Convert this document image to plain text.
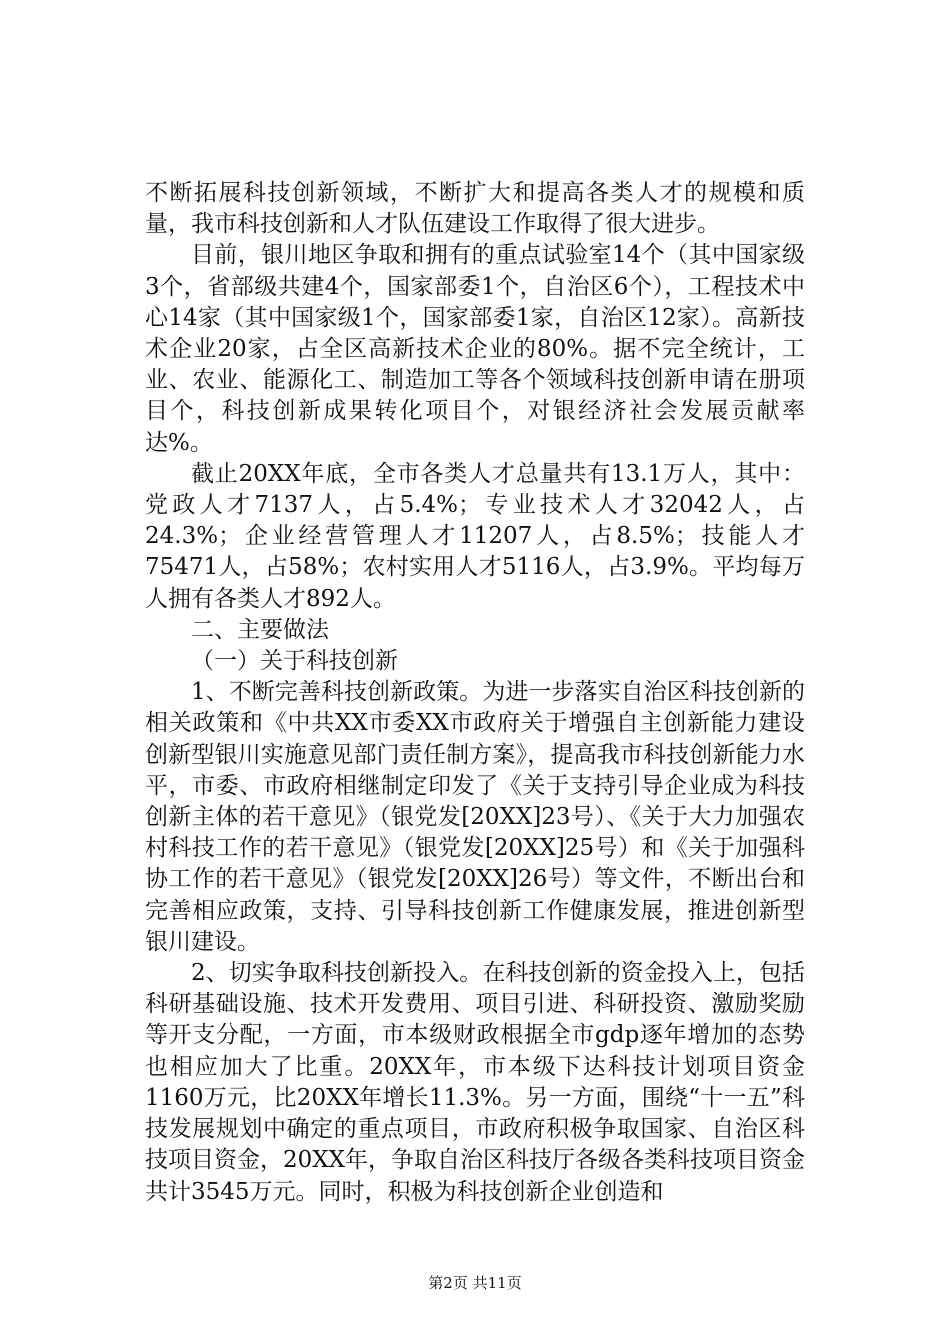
不断拓展科技创新领域，不断扩大和提高各类人才的规模和质量，我市科技创新和人才队伍建设工作取得了很大进步。

目前，银川地区争取和拥有的重点试验室14个（其中国家级3个，省部级共建4个，国家部委1个，自治区6个），工程技术中心14家（其中国家级1个，国家部委1家，自治区12家）。高新技术企业20家，占全区高新技术企业的80%。据不完全统计，工业、农业、能源化工、制造加工等各个领域科技创新申请在册项目个，科技创新成果转化项目个，对银经济社会发展贡献率达%。

截止20XX年底，全市各类人才总量共有13.1万人，其中：党政人才7137人，占5.4%；专业技术人才32042人，占24.3%；企业经营管理人才11207人，占8.5%；技能人才75471人，占58%；农村实用人才5116人，占3.9%。平均每万人拥有各类人才892人。

二、主要做法

（一）关于科技创新

1、不断完善科技创新政策。为进一步落实自治区科技创新的相关政策和《中共XX市委XX市政府关于增强自主创新能力建设创新型银川实施意见部门责任制方案》，提高我市科技创新能力水平，市委、市政府相继制定印发了《关于支持引导企业成为科技创新主体的若干意见》（银党发[20XX]23号）、《关于大力加强农村科技工作的若干意见》（银党发[20XX]25号）和《关于加强科协工作的若干意见》（银党发[20XX]26号）等文件，不断出台和完善相应政策，支持、引导科技创新工作健康发展，推进创新型银川建设。

2、切实争取科技创新投入。在科技创新的资金投入上，包括科研基础设施、技术开发费用、项目引进、科研投资、激励奖励等开支分配，一方面，市本级财政根据全市gdp逐年增加的态势也相应加大了比重。20XX年，市本级下达科技计划项目资金1160万元，比20XX年增长11.3%。另一方面，围绕“十一五”科技发展规划中确定的重点项目，市政府积极争取国家、自治区科技项目资金，20XX年，争取自治区科技厅各级各类科技项目资金共计3545万元。同时，积极为科技创新企业创造和

第2页 共11页
